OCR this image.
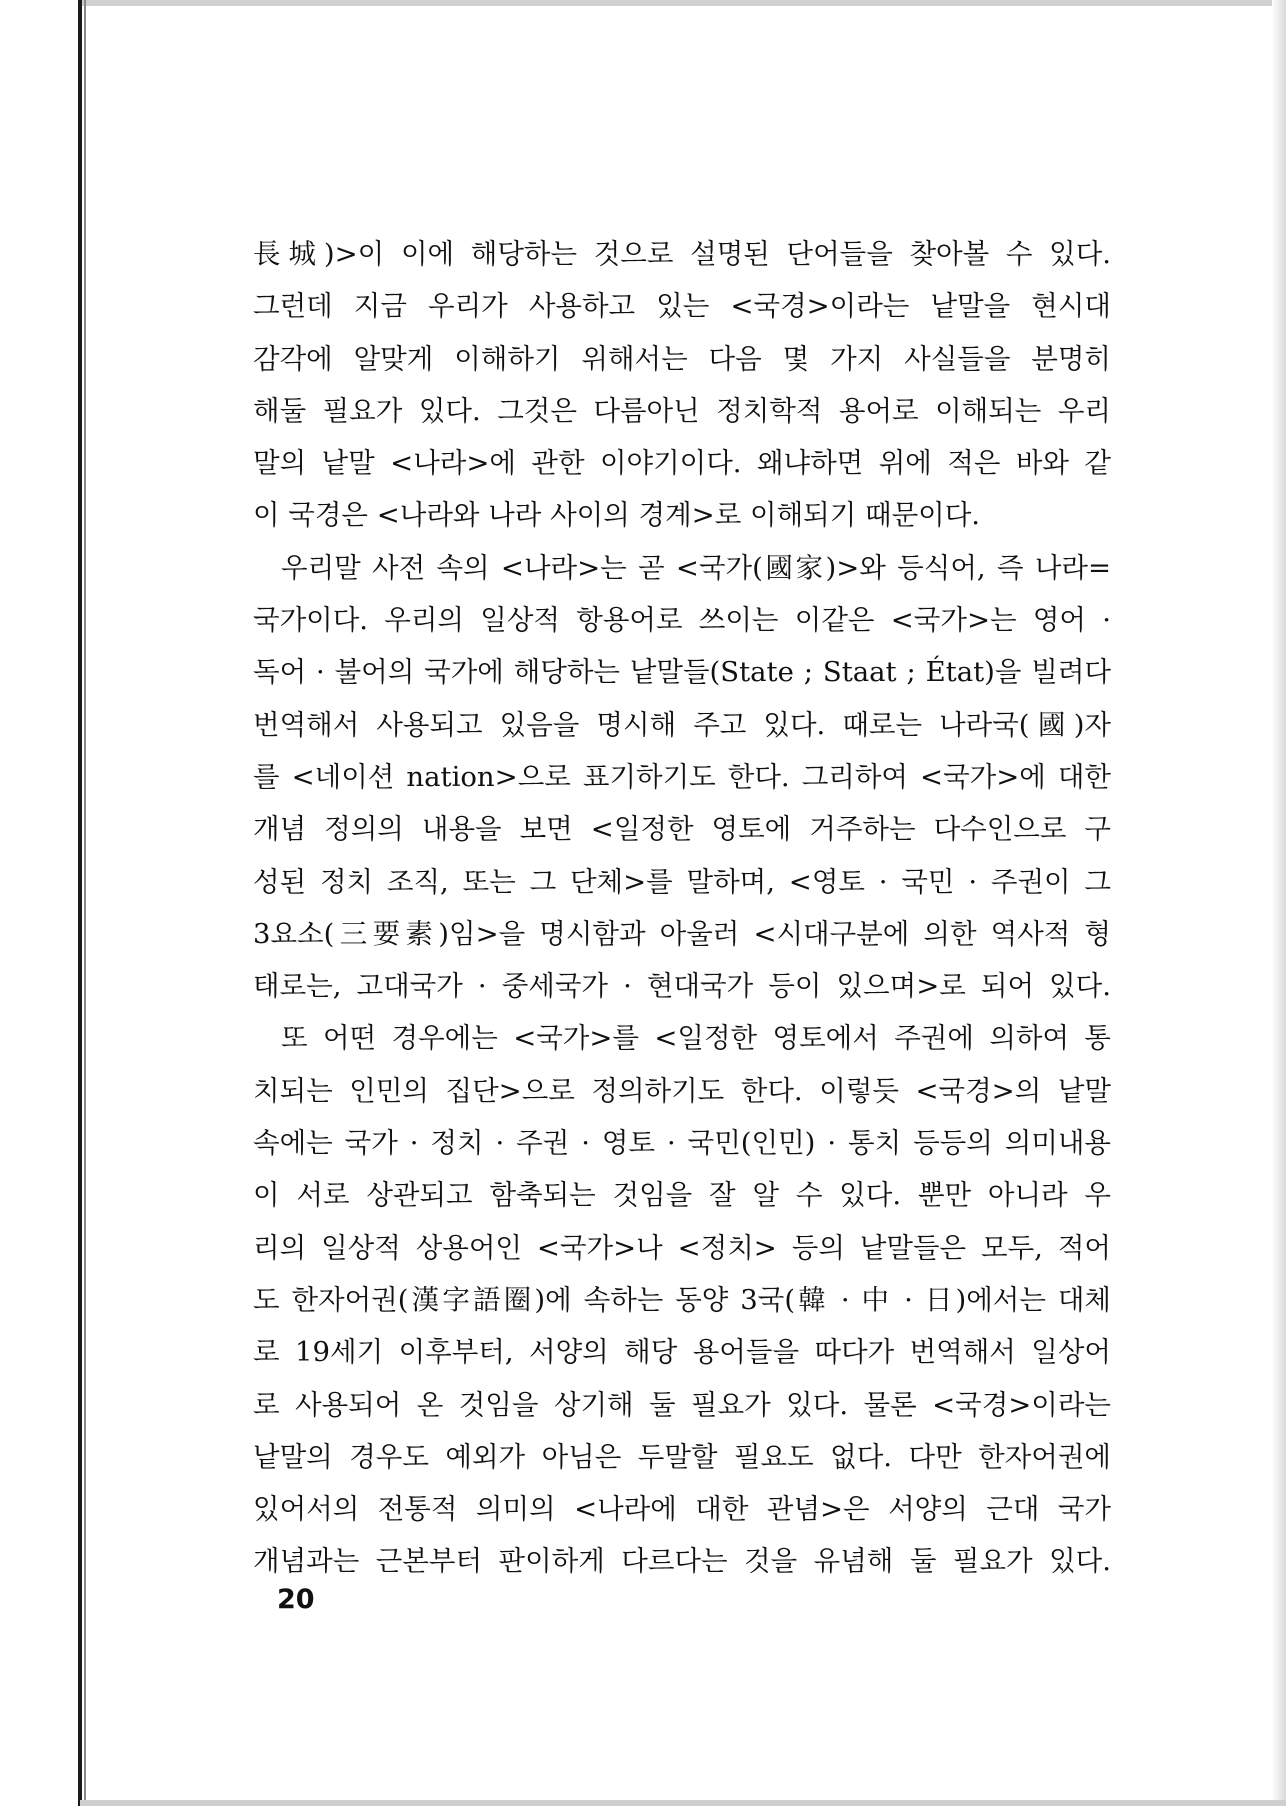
長城)>이 이에 해당하는 것으로 설명된 단어들을 찾아볼 수 있다.
그런데 지금 우리가 사용하고 있는 <국경>이라는 낱말을 현시대
감각에 알맞게 이해하기 위해서는 다음 몇 가지 사실들을 분명히
해둘 필요가 있다. 그것은 다름아닌 정치학적 용어로 이해되는 우리
말의 낱말 <나라>에 관한 이야기이다. 왜냐하면 위에 적은 바와 같
이 국경은 <나라와 나라 사이의 경계>로 이해되기 때문이다.
우리말 사전 속의 <나라>는 곧 <국가(國家)>와 등식어, 즉 나라=
국가이다. 우리의 일상적 항용어로 쓰이는 이같은 <국가>는 영어 ·
독어 · 불어의 국가에 해당하는 낱말들(State ; Staat ; État)을 빌려다
번역해서 사용되고 있음을 명시해 주고 있다. 때로는 나라국(國)자
를 <네이션 nation>으로 표기하기도 한다. 그리하여 <국가>에 대한
개념 정의의 내용을 보면 <일정한 영토에 거주하는 다수인으로 구
성된 정치 조직, 또는 그 단체>를 말하며, <영토 · 국민 · 주권이 그
3요소(三要素)임>을 명시함과 아울러 <시대구분에 의한 역사적 형
태로는, 고대국가 · 중세국가 · 현대국가 등이 있으며>로 되어 있다.
또 어떤 경우에는 <국가>를 <일정한 영토에서 주권에 의하여 통
치되는 인민의 집단>으로 정의하기도 한다. 이렇듯 <국경>의 낱말
속에는 국가 · 정치 · 주권 · 영토 · 국민(인민) · 통치 등등의 의미내용
이 서로 상관되고 함축되는 것임을 잘 알 수 있다. 뿐만 아니라 우
리의 일상적 상용어인 <국가>나 <정치> 등의 낱말들은 모두, 적어
도 한자어권(漢字語圈)에 속하는 동양 3국(韓 · 中 · 日)에서는 대체
로 19세기 이후부터, 서양의 해당 용어들을 따다가 번역해서 일상어
로 사용되어 온 것임을 상기해 둘 필요가 있다. 물론 <국경>이라는
낱말의 경우도 예외가 아님은 두말할 필요도 없다. 다만 한자어권에
있어서의 전통적 의미의 <나라에 대한 관념>은 서양의 근대 국가
개념과는 근본부터 판이하게 다르다는 것을 유념해 둘 필요가 있다.
20
